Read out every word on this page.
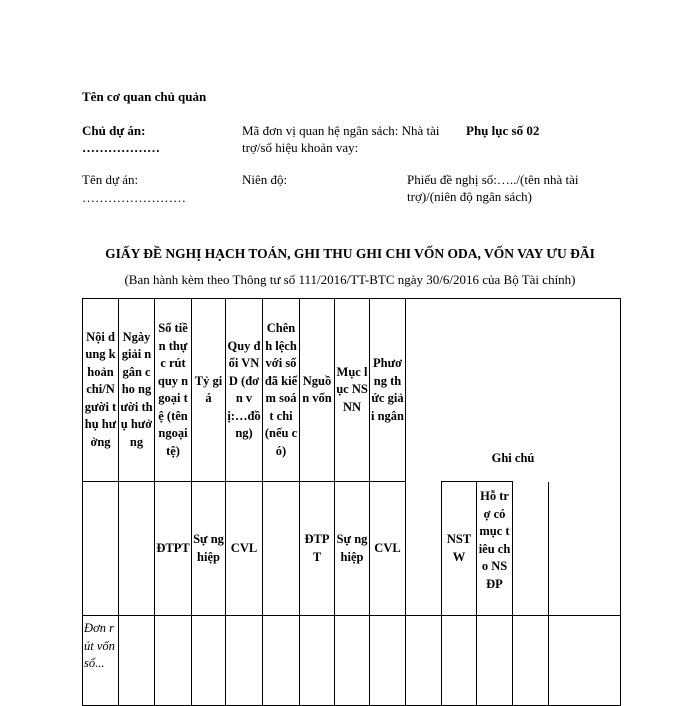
Tên cơ quan chủ quản
Chủ dự án:
………………
Mã đơn vị quan hệ ngân sách: Nhà tài
trợ/số hiệu khoản vay:
Phụ lục số 02
Tên dự án:
……………………
Niên độ:	Phiếu đề nghị số:…../(tên nhà tài
trợ)/(niên độ ngân sách)
GIẤY ĐỀ NGHỊ HẠCH TOÁN, GHI THU GHI CHI VỐN ODA, VỐN VAY ƯU ĐÃI
(Ban hành kèm theo Thông tư số 111/2016/TT-BTC ngày 30/6/2016 của Bộ Tài chính)
Nội dung khoản chi/Người thụ hưởng	Ngày giải ngân cho người thụ hưởng	Số tiền thực rút quy ngoại tệ (tên ngoại tệ)	Tỷ giá	Quy đổi VND (đơn vị:…đồng)	Chênh lệch với số đã kiểm soát chi (nếu có)	Nguồn vốn	Mục lục NSNN	Phương thức giải ngân	Ghi chú				
		ĐTPT	Sự nghiệp	CVL		ĐTPT	Sự nghiệp	CVL		NSTW	Hỗ trợ có mục tiêu cho NSĐP		
Đơn rút vốn số...													
